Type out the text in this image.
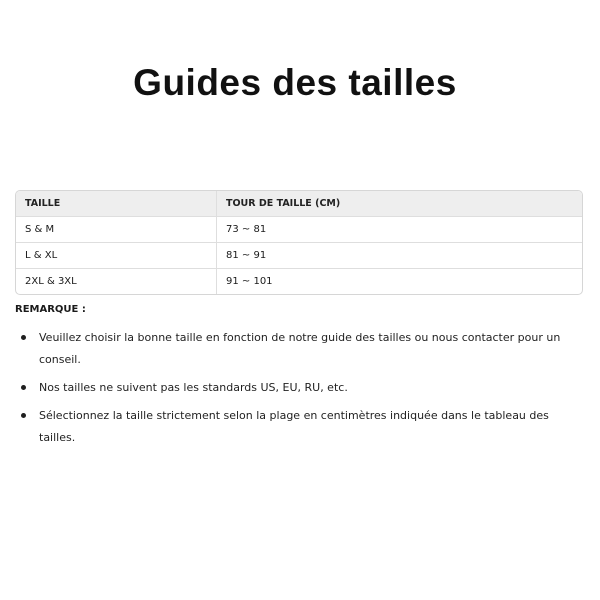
Guides des tailles
TAILLE	TOUR DE TAILLE (CM)
S & M	73 ~ 81
L & XL	81 ~ 91
2XL & 3XL	91 ~ 101

REMARQUE :

Veuillez choisir la bonne taille en fonction de notre guide des tailles ou nous contacter pour un conseil.
Nos tailles ne suivent pas les standards US, EU, RU, etc.
Sélectionnez la taille strictement selon la plage en centimètres indiquée dans le tableau des tailles.
